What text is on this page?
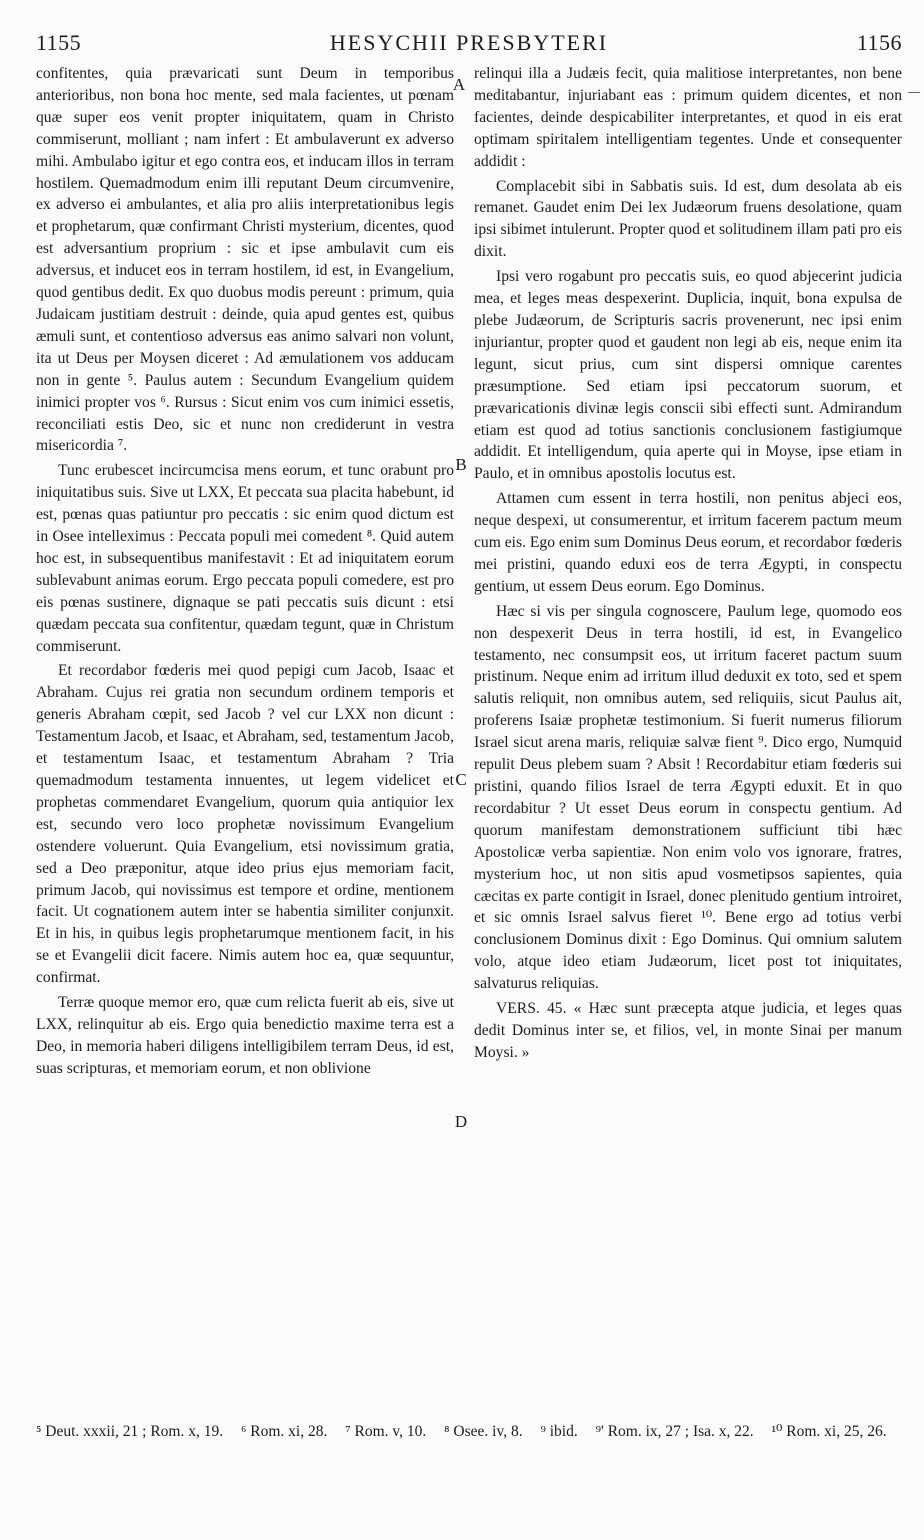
1155	HESYCHII PRESBYTERI	1156

confitentes, quia prævaricati sunt Deum in temporibus anterioribus, non bona hoc mente, sed mala facientes, ut pœnam quæ super eos venit propter iniquitatem, quam in Christo commiserunt, molliant ; nam infert : Et ambulaverunt ex adverso mihi. Ambulabo igitur et ego contra eos, et inducam illos in terram hostilem. Quemadmodum enim illi reputant Deum circumvenire, ex adverso ei ambulantes, et alia pro aliis interpretationibus legis et prophetarum, quæ confirmant Christi mysterium, dicentes, quod est adversantium proprium : sic et ipse ambulavit cum eis adversus, et inducet eos in terram hostilem, id est, in Evangelium, quod gentibus dedit. Ex quo duobus modis pereunt : primum, quia Judaicam justitiam destruit : deinde, quia apud gentes est, quibus æmuli sunt, et contentioso adversus eas animo salvari non volunt, ita ut Deus per Moysen diceret : Ad æmulationem vos adducam non in gente ⁵. Paulus autem : Secundum Evangelium quidem inimici propter vos ⁶. Rursus : Sicut enim vos cum inimici essetis, reconciliati estis Deo, sic et nunc non crediderunt in vestra misericordia ⁷.

Tunc erubescet incircumcisa mens eorum, et tunc orabunt pro iniquitatibus suis. Sive ut LXX, Et peccata sua placita habebunt, id est, pœnas quas patiuntur pro peccatis : sic enim quod dictum est in Osee intelleximus : Peccata populi mei comedent ⁸. Quid autem hoc est, in subsequentibus manifestavit : Et ad iniquitatem eorum sublevabunt animas eorum. Ergo peccata populi comedere, est pro eis pœnas sustinere, dignaque se pati peccatis suis dicunt : etsi quædam peccata sua confitentur, quædam tegunt, quæ in Christum commiserunt.

Et recordabor fœderis mei quod pepigi cum Jacob, Isaac et Abraham. Cujus rei gratia non secundum ordinem temporis et generis Abraham cœpit, sed Jacob ? vel cur LXX non dicunt : Testamentum Jacob, et Isaac, et Abraham, sed, testamentum Jacob, et testamentum Isaac, et testamentum Abraham ? Tria quemadmodum testamenta innuentes, ut legem videlicet et prophetas commendaret Evangelium, quorum quia antiquior lex est, secundo vero loco prophetæ novissimum Evangelium ostendere voluerunt. Quia Evangelium, etsi novissimum gratia, sed a Deo præponitur, atque ideo prius ejus memoriam facit, primum Jacob, qui novissimus est tempore et ordine, mentionem facit. Ut cognationem autem inter se habentia similiter conjunxit. Et in his, in quibus legis prophetarumque mentionem facit, in his se et Evangelii dicit facere. Nimis autem hoc ea, quæ sequuntur, confirmat.

Terræ quoque memor ero, quæ cum relicta fuerit ab eis, sive ut LXX, relinquitur ab eis. Ergo quia benedictio maxime terra est a Deo, in memoria haberi diligens intelligibilem terram Deus, id est, suas scripturas, et memoriam eorum, et non oblivione

relinqui illa a Judæis fecit, quia malitiose interpretantes, non bene meditabantur, injuriabant eas : primum quidem dicentes, et non facientes, deinde despicabiliter interpretantes, et quod in eis erat optimam spiritalem intelligentiam tegentes. Unde et consequenter addidit :

Complacebit sibi in Sabbatis suis. Id est, dum desolata ab eis remanet. Gaudet enim Dei lex Judæorum fruens desolatione, quam ipsi sibimet intulerunt. Propter quod et solitudinem illam pati pro eis dixit.

Ipsi vero rogabunt pro peccatis suis, eo quod abjecerint judicia mea, et leges meas despexerint. Duplicia, inquit, bona expulsa de plebe Judæorum, de Scripturis sacris provenerunt, nec ipsi enim injuriantur, propter quod et gaudent non legi ab eis, neque enim ita legunt, sicut prius, cum sint dispersi omnique carentes præsumptione. Sed etiam ipsi peccatorum suorum, et prævaricationis divinæ legis conscii sibi effecti sunt. Admirandum etiam est quod ad totius sanctionis conclusionem fastigiumque addidit. Et intelligendum, quia aperte qui in Moyse, ipse etiam in Paulo, et in omnibus apostolis locutus est.

Attamen cum essent in terra hostili, non penitus abjeci eos, neque despexi, ut consumerentur, et irritum facerem pactum meum cum eis. Ego enim sum Dominus Deus eorum, et recordabor fœderis mei pristini, quando eduxi eos de terra Ægypti, in conspectu gentium, ut essem Deus eorum. Ego Dominus.

Hæc si vis per singula cognoscere, Paulum lege, quomodo eos non despexerit Deus in terra hostili, id est, in Evangelico testamento, nec consumpsit eos, ut irritum faceret pactum suum pristinum. Neque enim ad irritum illud deduxit ex toto, sed et spem salutis reliquit, non omnibus autem, sed reliquiis, sicut Paulus ait, proferens Isaiæ prophetæ testimonium. Si fuerit numerus filiorum Israel sicut arena maris, reliquiæ salvæ fient ⁹. Dico ergo, Numquid repulit Deus plebem suam ? Absit ! Recordabitur etiam fœderis sui pristini, quando filios Israel de terra Ægypti eduxit. Et in quo recordabitur ? Ut esset Deus eorum in conspectu gentium. Ad quorum manifestam demonstrationem sufficiunt tibi hæc Apostolicæ verba sapientiæ. Non enim volo vos ignorare, fratres, mysterium hoc, ut non sitis apud vosmetipsos sapientes, quia cæcitas ex parte contigit in Israel, donec plenitudo gentium introiret, et sic omnis Israel salvus fieret ¹⁰. Bene ergo ad totius verbi conclusionem Dominus dixit : Ego Dominus. Qui omnium salutem volo, atque ideo etiam Judæorum, licet post tot iniquitates, salvaturus reliquias.

VERS. 45. « Hæc sunt præcepta atque judicia, et leges quas dedit Dominus inter se, et filios, vel, in monte Sinai per manum Moysi. »

A
B
C
D
⁵ Deut. xxxii, 21 ; Rom. x, 19. ⁶ Rom. xi, 28. ⁷ Rom. v, 10. ⁸ Osee. iv, 8. ⁹ ibid. ⁹' Rom. ix, 27 ; Isa. x, 22. ¹⁰ Rom. xi, 25, 26.
